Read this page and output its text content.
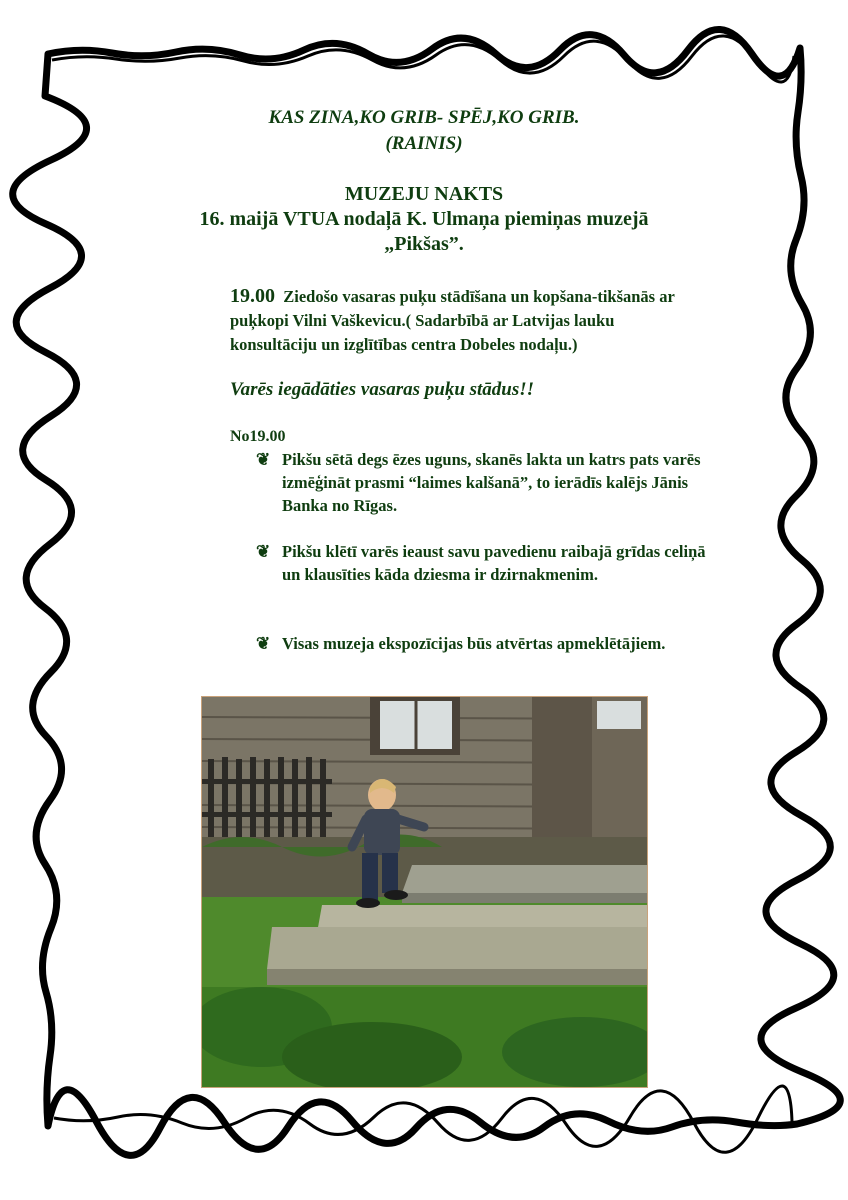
KAS ZINA,KO GRIB- SPĒJ,KO GRIB.
(RAINIS)
MUZEJU NAKTS
16. maijā VTUA nodaļā K. Ulmaņa piemiņas muzejā
„Pikšas”.
19.00 Ziedošo vasaras puķu stādīšana un kopšana-tikšanās ar puķkopi Vilni Vaškevicu.( Sadarbībā ar Latvijas lauku konsultāciju un izglītības centra Dobeles nodaļu.)
Varēs iegādāties vasaras puķu stādus!!
No19.00
❦ Pikšu sētā degs ēzes uguns, skanēs lakta un katrs pats varēs izmēģināt prasmi “laimes kalšanā”, to ierādīs kalējs Jānis Banka no Rīgas.
❦ Pikšu klētī varēs ieaust savu pavedienu raibajā grīdas celiņā un klausīties kāda dziesma ir dzirnakmenim.
❦ Visas muzeja ekspozīcijas būs atvērtas apmeklētājiem.
